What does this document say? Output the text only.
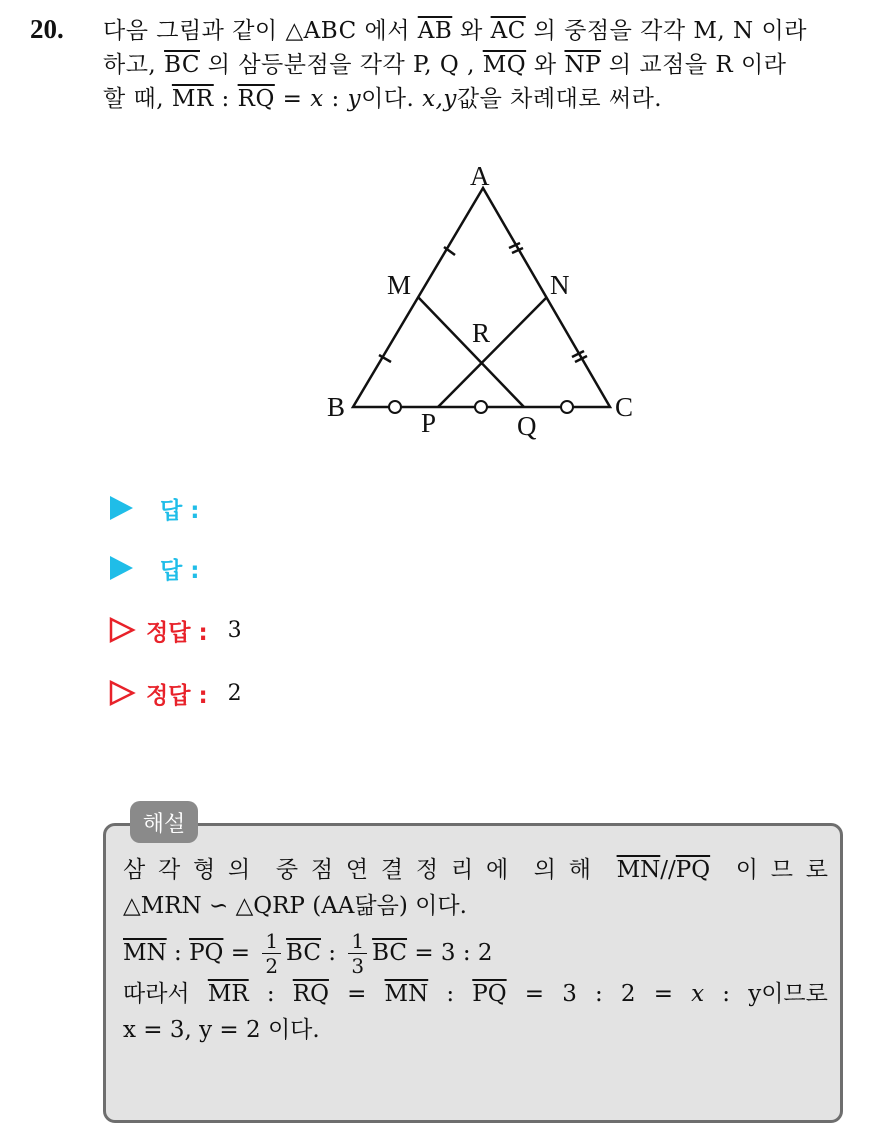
20. 다음 그림과 같이 △ABC 에서 $\overline{AB}$ 와 $\overline{AC}$ 의 중점을 각각 M, N 이라
하고, $\overline{BC}$ 의 삼등분점을 각각 P, Q , $\overline{MQ}$ 와 $\overline{NP}$ 의 교점을 R 이라
할 때, $\overline{MR}$ : $\overline{RQ} = x$ : y이다. x,y값을 차례대로 써라.
A
B	C
M	N
P	Q
R
답 :
답 :
정답 : 3
정답 : 2
해설
삼 각 형 의 중 점 연 결 정 리 에 의 해 $\overline{MN}//\overline{PQ}$ 이 므 로
△MRN ∽ △QRP (AA닮음) 이다.
$\overline{MN}$ : $\overline{PQ} = \frac{1}{2} \overline{BC}$ : $\frac{1}{3} \overline{BC} = 3$ : 2
따라서 $\overline{MR}$ : $\overline{RQ} = \overline{MN}$ : $\overline{PQ} = 3$ : 2 = x : y이므로
x = 3, y = 2 이다.
